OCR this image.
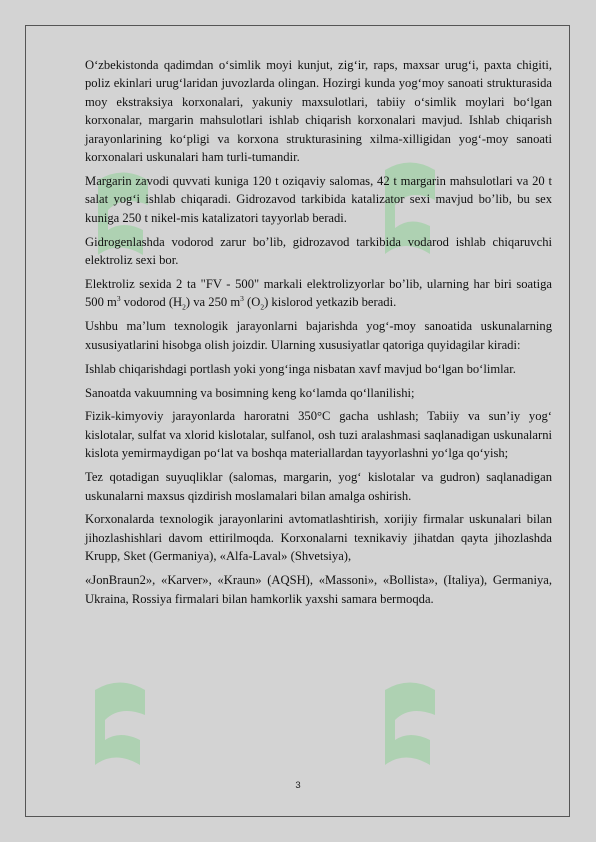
O‘zbekistonda qadimdan o‘simlik moyi kunjut, zig‘ir, raps, maxsar urug‘i, paxta chigiti, poliz ekinlari urug‘laridan juvozlarda olingan. Hozirgi kunda yog‘moy sanoati strukturasida moy ekstraksiya korxonalari, yakuniy maxsulotlari, tabiiy o‘simlik moylari bo‘lgan korxonalar, margarin mahsulotlari ishlab chiqarish korxonalari mavjud. Ishlab chiqarish jarayonlarining ko‘pligi va korxona strukturasining xilma-xilligidan yog‘-moy sanoati korxonalari uskunalari ham turli-tumandir.

Margarin zavodi quvvati kuniga 120 t oziqaviy salomas, 42 t margarin mahsulotlari va 20 t salat yog‘i ishlab chiqaradi. Gidrozavod tarkibida katalizator sexi mavjud bo’lib, bu sex kuniga 250 t nikel-mis katalizatori tayyorlab beradi.

Gidrogenlashda vodorod zarur bo’lib, gidrozavod tarkibida vodarod ishlab chiqaruvchi elektroliz sexi bor.

Elektroliz sexida 2 ta "FV - 500" markali elektrolizyorlar bo’lib, ularning har biri soatiga 500 $m^3$ vodorod $(H_2)$ va 250 $m^3$ $(O_2)$ kislorod yetkazib beradi.

Ushbu ma’lum texnologik jarayonlarni bajarishda yog‘-moy sanoatida uskunalarning xususiyatlarini hisobga olish joizdir. Ularning xususiyatlar qatoriga quyidagilar kiradi:

Ishlab chiqarishdagi portlash yoki yong‘inga nisbatan xavf mavjud bo‘lgan bo‘limlar.

Sanoatda vakuumning va bosimning keng ko‘lamda qo‘llanilishi;

Fizik-kimyoviy jarayonlarda haroratni 350°C gacha ushlash; Tabiiy va sun’iy yog‘ kislotalar, sulfat va xlorid kislotalar, sulfanol, osh tuzi aralashmasi saqlanadigan uskunalarni kislota yemirmaydigan po‘lat va boshqa materiallardan tayyorlashni yo‘lga qo‘yish;

Tez qotadigan suyuqliklar (salomas, margarin, yog‘ kislotalar va gudron) saqlanadigan uskunalarni maxsus qizdirish moslamalari bilan amalga oshirish.

Korxonalarda texnologik jarayonlarini avtomatlashtirish, xorijiy firmalar uskunalari bilan jihozlashishlari davom ettirilmoqda. Korxonalarni texnikaviy jihatdan qayta jihozlashda Krupp, Sket (Germaniya), «Alfa-Laval» (Shvetsiya),

«JonBraun2», «Karver», «Kraun» (AQSH), «Massoni», «Bollista», (Italiya), Germaniya, Ukraina, Rossiya firmalari bilan hamkorlik yaxshi samara bermoqda.

3
